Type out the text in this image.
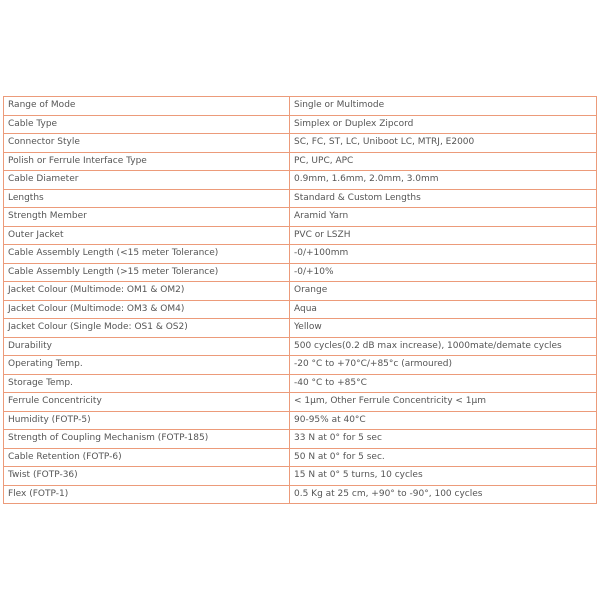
Range of Mode	Single or Multimode
Cable Type	Simplex or Duplex Zipcord
Connector Style	SC, FC, ST, LC, Uniboot LC, MTRJ, E2000
Polish or Ferrule Interface Type	PC, UPC, APC
Cable Diameter	0.9mm, 1.6mm, 2.0mm, 3.0mm
Lengths	Standard & Custom Lengths
Strength Member	Aramid Yarn
Outer Jacket	PVC or LSZH
Cable Assembly Length (<15 meter Tolerance)	-0/+100mm
Cable Assembly Length (>15 meter Tolerance)	-0/+10%
Jacket Colour (Multimode: OM1 & OM2)	Orange
Jacket Colour (Multimode: OM3 & OM4)	Aqua
Jacket Colour (Single Mode: OS1 & OS2)	Yellow
Durability	500 cycles(0.2 dB max increase), 1000mate/demate cycles
Operating Temp.	-20 °C to +70°C/+85°c (armoured)
Storage Temp.	-40 °C to +85°C
Ferrule Concentricity	< 1μm, Other Ferrule Concentricity < 1μm
Humidity (FOTP-5)	90-95% at 40°C
Strength of Coupling Mechanism (FOTP-185)	33 N at 0° for 5 sec
Cable Retention (FOTP-6)	50 N at 0° for 5 sec.
Twist (FOTP-36)	15 N at 0° 5 turns, 10 cycles
Flex (FOTP-1)	0.5 Kg at 25 cm, +90° to -90°, 100 cycles
